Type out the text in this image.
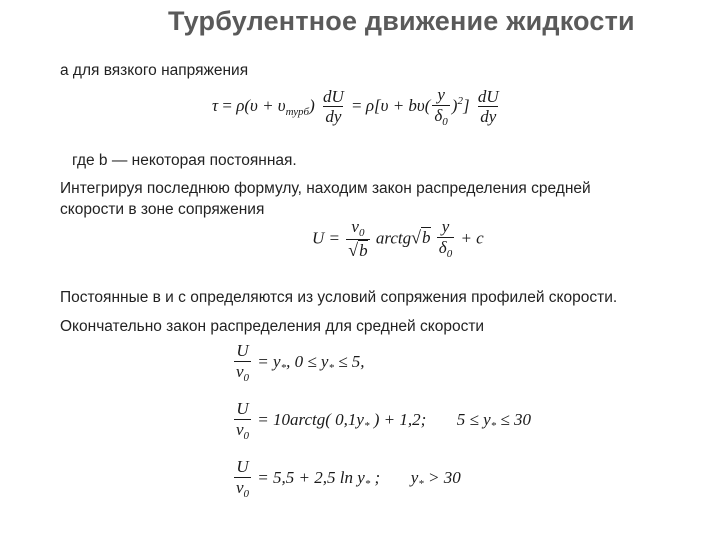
Турбулентное движение жидкости
а для вязкого напряжения
$\tau = \rho(\upsilon + \upsilon_{турб}) \frac{dU}{dy} = \rho[\upsilon + b\upsilon( \frac{y}{\delta_0} )^2] \frac{dU}{dy}$
где b — некоторая постоянная.
Интегрируя последнюю формулу, находим закон распределения средней
скорости в зоне сопряжения
$U = \frac{v_0}{√b}$ arctg√b $\frac{y}{\delta_0} + c$
Постоянные в и с определяются из условий сопряжения профилей скорости.
Окончательно закон распределения для средней скорости
$\frac{U}{v_0} = y_*$, $0 \le y_* \le 5$,
$\frac{U}{v_0}$ = 10arctg( $0,1y_*$ ) + 1,2; $5 \le y_* \le 30$
$\frac{U}{v_0} = 5,5 + 2,5$ $\ln y_*$ ; $y_* > 30$
